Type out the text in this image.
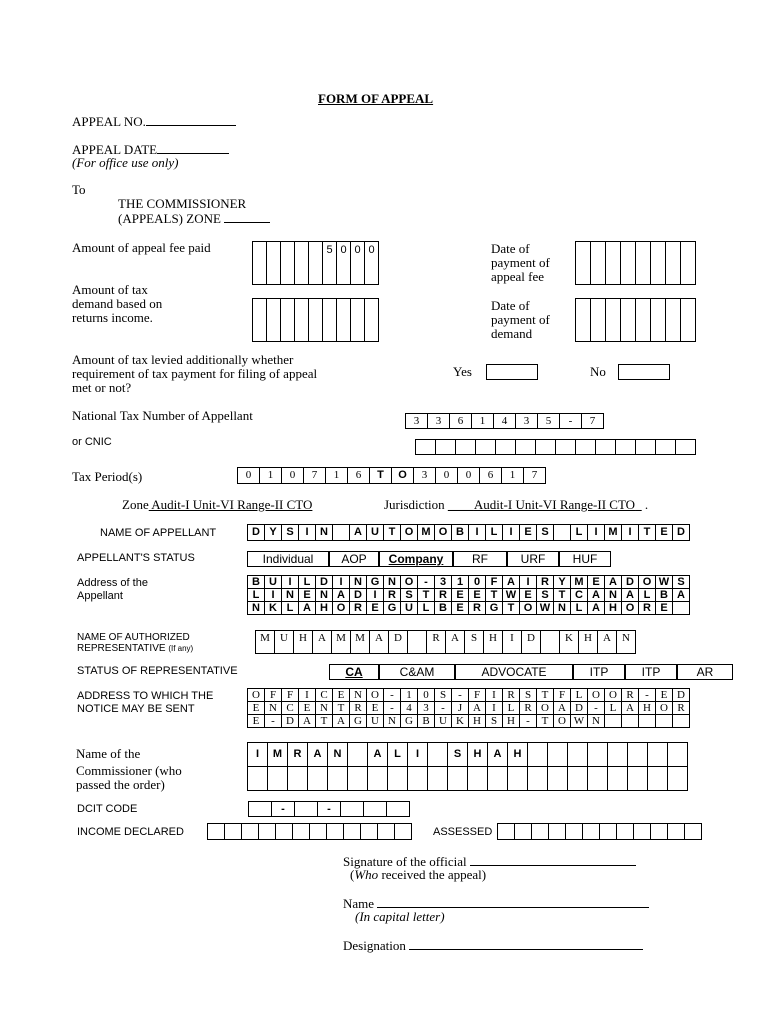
FORM OF APPEAL
APPEAL NO.
APPEAL DATE
(For office use only)
To
THE COMMISSIONER
(APPEALS) ZONE
Amount of appeal fee paid	5 0 0 0	Date of
payment of
appeal fee
Amount of tax
demand based on
returns income.
Date of
payment of
demand
Amount of tax levied additionally whether
requirement of tax payment for filing of appeal
met or not?
Yes	No
National Tax Number of Appellant	3	3	6	1	4	3	5	-	7
or CNIC
Tax Period(s)	0	1	0	7	1	6	T	O	3	0	0	6	1	7
Zone Audit-I Unit-VI Range-II CTO	Jurisdiction ____Audit-I Unit-VI Range-II CTO_ .
NAME OF APPELLANT	D Y S	I	N	A U T O M O B	I	L	I	E S	L	I M I	T E D
APPELLANT'S STATUS	Individual	AOP	Company	RF	URF	HUF
Address of the
Appellant
B U	I	L D	I	N G N O -	3 1 0 F A	I	R Y M E A D O W S
L	I	N E N A D	I	R S T R E E T W E S T C A N A L B A
N K L A H O R E G U L B E R G T O W N L A H O R E
NAME OF AUTHORIZED
REPRESENTATIVE (If any)
M U	H	A M M A	D	R	A	S	H	I	D	K	H	A	N
STATUS OF REPRESENTATIVE	CA	C&AM	ADVOCATE	ITP	ITP	AR
ADDRESS TO WHICH THE
NOTICE MAY BE SENT
O F F	I	C E N O	-	1	0	S	-	F	I	R S T F L O O R	-	E D
E N C E N T R E	-	4	3	-	J A	I	L R O A D	-	L A H O R
E	-	D A T A G U N G B U K H S H	-	T O W N
Name of the
Commissioner (who
passed the order)
I	M	R	A	N	A	L	I	S	H	A	H
DCIT CODE	-	-
INCOME DECLARED	ASSESSED
Signature of the official
(Who received the appeal)
Name
(In capital letter)
Designation
